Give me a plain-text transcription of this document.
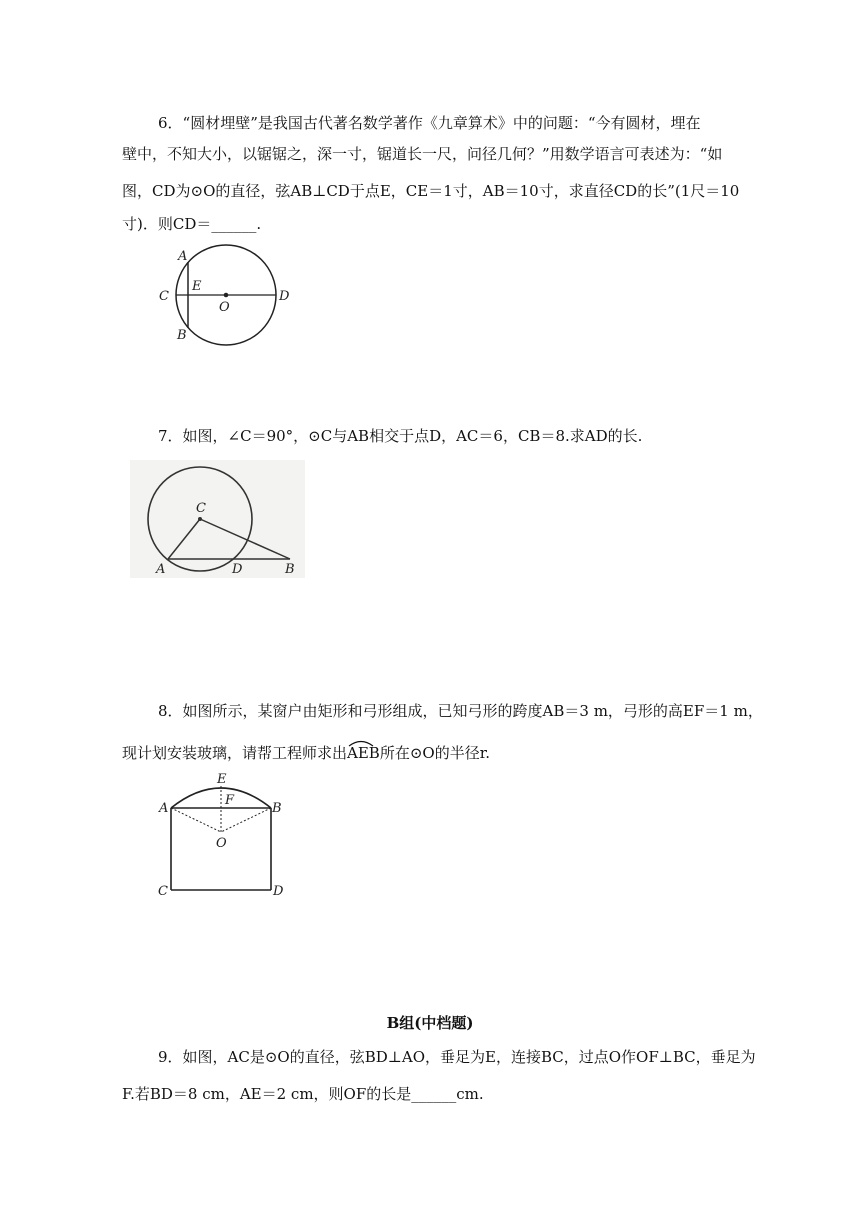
6．“圆材埋壁”是我国古代著名数学著作《九章算术》中的问题：“今有圆材，埋在
壁中，不知大小，以锯锯之，深一寸，锯道长一尺，问径几何？”用数学语言可表述为：“如
图，CD为⊙O的直径，弦AB⊥CD于点E，CE＝1寸，AB＝10寸，求直径CD的长”(1尺＝10
寸)．则CD＝______.
A
E
C
O
D
B
7．如图，∠C＝90°，⊙C与AB相交于点D，AC＝6，CB＝8.求AD的长.
C
A	D	B
8．如图所示，某窗户由矩形和弓形组成，已知弓形的跨度AB＝3 m，弓形的高EF＝1 m，
现计划安装玻璃，请帮工程师求出
AEB所在⊙O的半径r.
E
F
A	B
O
C	D
B组(中档题)
9．如图，AC是⊙O的直径，弦BD⊥AO，垂足为E，连接BC，过点O作OF⊥BC，垂足为
F.若BD＝8 cm，AE＝2 cm，则OF的长是______cm.
